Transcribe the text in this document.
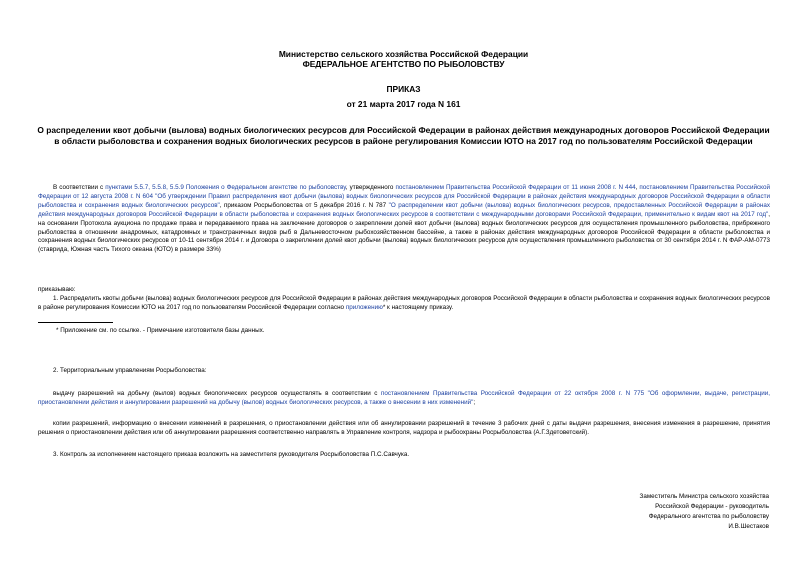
Министерство сельского хозяйства Российской Федерации
ФЕДЕРАЛЬНОЕ АГЕНТСТВО ПО РЫБОЛОВСТВУ
ПРИКАЗ
от 21 марта 2017 года N 161
О распределении квот добычи (вылова) водных биологических ресурсов для Российской Федерации в районах действия международных договоров Российской Федерации в области рыболовства и сохранения водных биологических ресурсов в районе регулирования Комиссии ЮТО на 2017 год по пользователям Российской Федерации
В соответствии с пунктами 5.5.7, 5.5.8, 5.5.9 Положения о Федеральном агентстве по рыболовству, утвержденного постановлением Правительства Российской Федерации от 11 июня 2008 г. N 444, постановлением Правительства Российской Федерации от 12 августа 2008 г. N 604 "Об утверждении Правил распределения квот добычи (вылова) водных биологических ресурсов для Российской Федерации в районах действия международных договоров Российской Федерации в области рыболовства и сохранения водных биологических ресурсов", приказом Росрыболовства от 5 декабря 2016 г. N 787 "О распределении квот добычи (вылова) водных биологических ресурсов, предоставленных Российской Федерации в районах действия международных договоров Российской Федерации в области рыболовства и сохранения водных биологических ресурсов в соответствии с международными договорами Российской Федерации, применительно к видам квот на 2017 год", на основании Протокола аукциона по продаже права и передаваемого права на заключение договоров о закреплении долей квот добычи (вылова) водных биологических ресурсов для осуществления промышленного рыболовства, прибрежного рыболовства в отношении анадромных, катадромных и трансграничных видов рыб в Дальневосточном рыбохозяйственном бассейне, а также в районах действия международных договоров Российской Федерации в области рыболовства и сохранения водных биологических ресурсов от 10-11 сентября 2014 г. и Договора о закреплении долей квот добычи (вылова) водных биологических ресурсов для осуществления промышленного рыболовства от 30 сентября 2014 г. N ФАР-АМ-0773 (ставрида, Южная часть Тихого океана (ЮТО) в размере 33%)
приказываю:
1. Распределить квоты добычи (вылова) водных биологических ресурсов для Российской Федерации в районах действия международных договоров Российской Федерации в области рыболовства и сохранения водных биологических ресурсов в районе регулирования Комиссии ЮТО на 2017 год по пользователям Российской Федерации согласно приложению* к настоящему приказу.
* Приложение см. по ссылке. - Примечание изготовителя базы данных.
2. Территориальным управлениям Росрыболовства:
выдачу разрешений на добычу (вылов) водных биологических ресурсов осуществлять в соответствии с постановлением Правительства Российской Федерации от 22 октября 2008 г. N 775 "Об оформлении, выдаче, регистрации, приостановлении действия и аннулировании разрешений на добычу (вылов) водных биологических ресурсов, а также о внесении в них изменений";
копии разрешений, информацию о внесении изменений в разрешения, о приостановлении действия или об аннулировании разрешений в течение 3 рабочих дней с даты выдачи разрешения, внесения изменения в разрешение, принятия решения о приостановлении действия или об аннулировании разрешения соответственно направлять в Управление контроля, надзора и рыбоохраны Росрыболовства (А.Г.Здетоветский).
3. Контроль за исполнением настоящего приказа возложить на заместителя руководителя Росрыболовства П.С.Савчука.
Заместитель Министра сельского хозяйства
Российской Федерации - руководитель
Федерального агентства по рыболовству
И.В.Шестаков
